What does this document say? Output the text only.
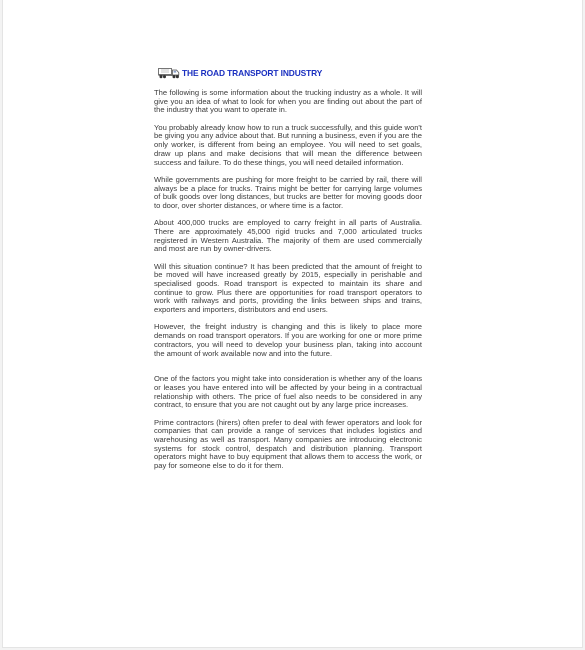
THE ROAD TRANSPORT INDUSTRY

The following is some information about the trucking industry as a whole. It will give you an idea of what to look for when you are finding out about the part of the industry that you want to operate in.

You probably already know how to run a truck successfully, and this guide won't be giving you any advice about that. But running a business, even if you are the only worker, is different from being an employee. You will need to set goals, draw up plans and make decisions that will mean the difference between success and failure. To do these things, you will need detailed information.

While governments are pushing for more freight to be carried by rail, there will always be a place for trucks. Trains might be better for carrying large volumes of bulk goods over long distances, but trucks are better for moving goods door to door, over shorter distances, or where time is a factor.

About 400,000 trucks are employed to carry freight in all parts of Australia. There are approximately 45,000 rigid trucks and 7,000 articulated trucks registered in Western Australia. The majority of them are used commercially and most are run by owner-drivers.

Will this situation continue? It has been predicted that the amount of freight to be moved will have increased greatly by 2015, especially in perishable and specialised goods. Road transport is expected to maintain its share and continue to grow. Plus there are opportunities for road transport operators to work with railways and ports, providing the links between ships and trains, exporters and importers, distributors and end users.

However, the freight industry is changing and this is likely to place more demands on road transport operators. If you are working for one or more prime contractors, you will need to develop your business plan, taking into account the amount of work available now and into the future.

One of the factors you might take into consideration is whether any of the loans or leases you have entered into will be affected by your being in a contractual relationship with others. The price of fuel also needs to be considered in any contract, to ensure that you are not caught out by any large price increases.

Prime contractors (hirers) often prefer to deal with fewer operators and look for companies that can provide a range of services that includes logistics and warehousing as well as transport. Many companies are introducing electronic systems for stock control, despatch and distribution planning. Transport operators might have to buy equipment that allows them to access the work, or pay for someone else to do it for them.
